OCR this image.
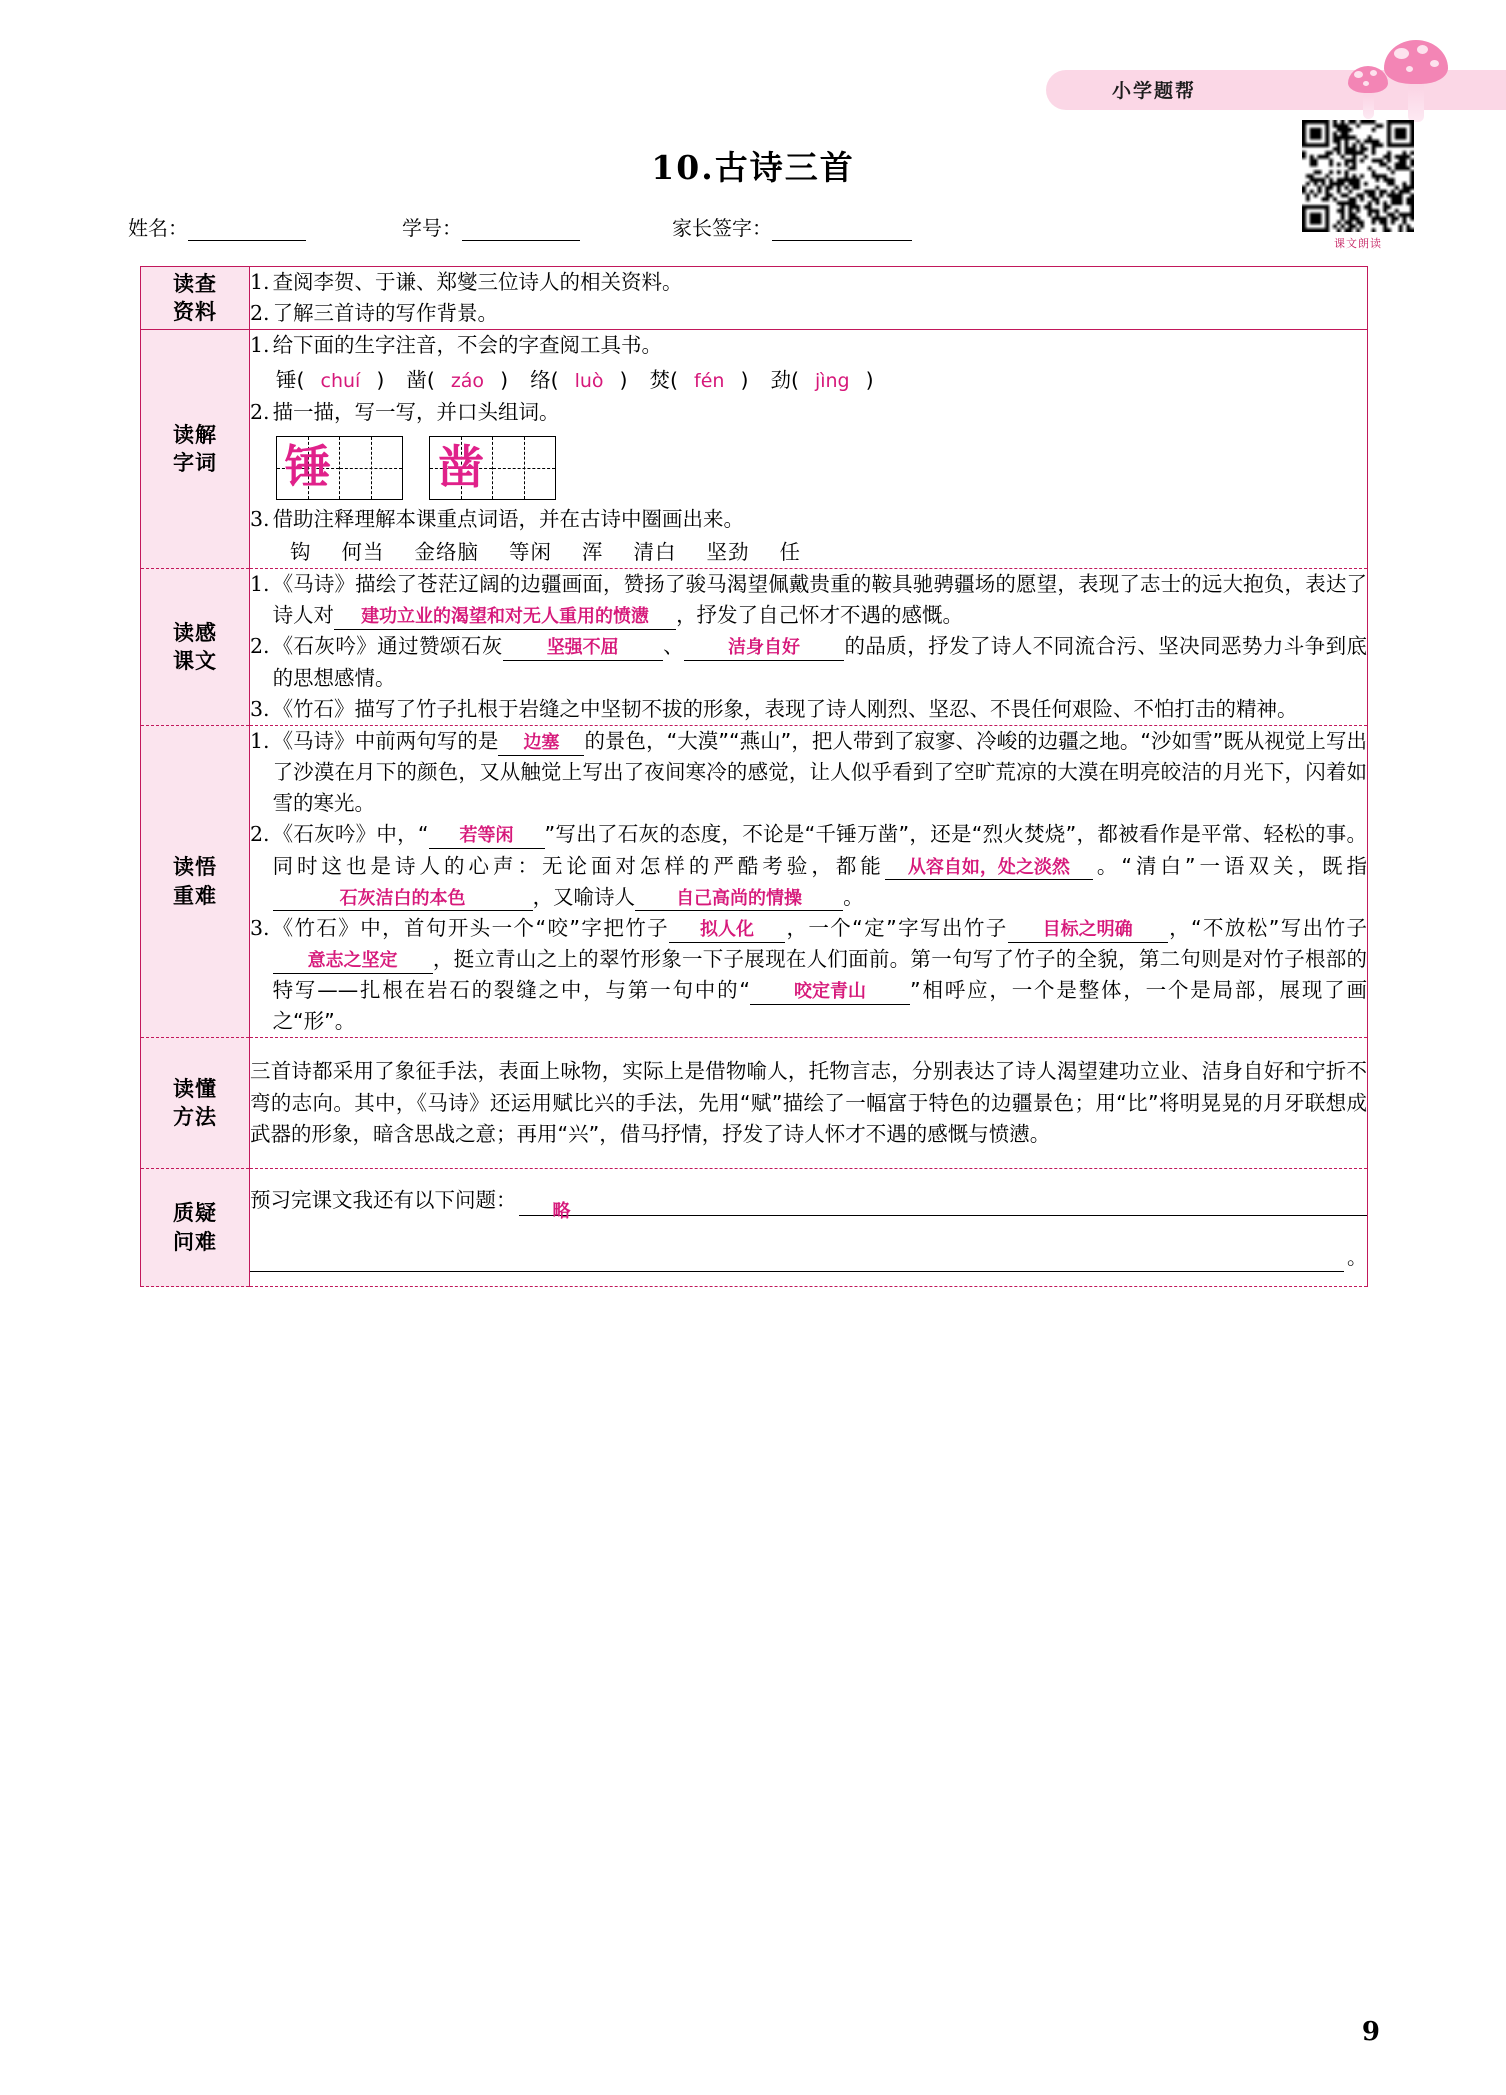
小学题帮
课文朗读
10.古诗三首
姓名：	学号：	家长签字：
读查
资料

1. 查阅李贺、于谦、郑燮三位诗人的相关资料。
2. 了解三首诗的写作背景。

读解
字词

1. 给下面的生字注音，不会的字查阅工具书。
锤( chuí ) 凿( záo ) 络( luò ) 焚( fén ) 劲( jìng )
2. 描一描，写一写，并口头组词。
锤 凿
3. 借助注释理解本课重点词语，并在古诗中圈画出来。
钩 何当 金络脑 等闲 浑 清白 坚劲 任

读感
课文

1. 《马诗》描绘了苍茫辽阔的边疆画面，赞扬了骏马渴望佩戴贵重的鞍具驰骋疆场的愿望，表现了志士的远大抱负，表达了诗人对 建功立业的渴望和对无人重用的愤懑 ，抒发了自己怀才不遇的感慨。
2. 《石灰吟》通过赞颂石灰 坚强不屈 、 洁身自好 的品质，抒发了诗人不同流合污、坚决同恶势力斗争到底的思想感情。
3. 《竹石》描写了竹子扎根于岩缝之中坚韧不拔的形象，表现了诗人刚烈、坚忍、不畏任何艰险、不怕打击的精神。

读悟
重难

1. 《马诗》中前两句写的是 边塞 的景色，“大漠”“燕山”，把人带到了寂寥、冷峻的边疆之地。“沙如雪”既从视觉上写出了沙漠在月下的颜色，又从触觉上写出了夜间寒冷的感觉，让人似乎看到了空旷荒凉的大漠在明亮皎洁的月光下，闪着如雪的寒光。
2. 《石灰吟》中，“ 若等闲 ”写出了石灰的态度，不论是“千锤万凿”，还是“烈火焚烧”，都被看作是平常、轻松的事。同时这也是诗人的心声：无论面对怎样的严酷考验，都能 从容自如，处之淡然 。“清白”一语双关，既指石灰洁白的本色	，又喻诗人 自己高尚的情操 。
3. 《竹石》中，首句开头一个“咬”字把竹子 拟人化 ，一个“定”字写出竹子 目标之明确 ，“不放松”写出竹子意志之坚定 ，挺立青山之上的翠竹形象一下子展现在人们面前。第一句写了竹子的全貌，第二句则是对竹子根部的特写——扎根在岩石的裂缝之中，与第一句中的“ 咬定青山 ”相呼应，一个是整体，一个是局部，展现了画之“形”。

读懂
方法	三首诗都采用了象征手法，表面上咏物，实际上是借物喻人，托物言志，分别表达了诗人渴望建功立业、洁身自好和宁折不弯的志向。其中，《马诗》还运用赋比兴的手法，先用“赋”描绘了一幅富于特色的边疆景色；用“比”将明晃晃的月牙联想成武器的形象，暗含思战之意；再用“兴”，借马抒情，抒发了诗人怀才不遇的感慨与愤懑。

质疑
问难

预习完课文我还有以下问题：	略
。
9
